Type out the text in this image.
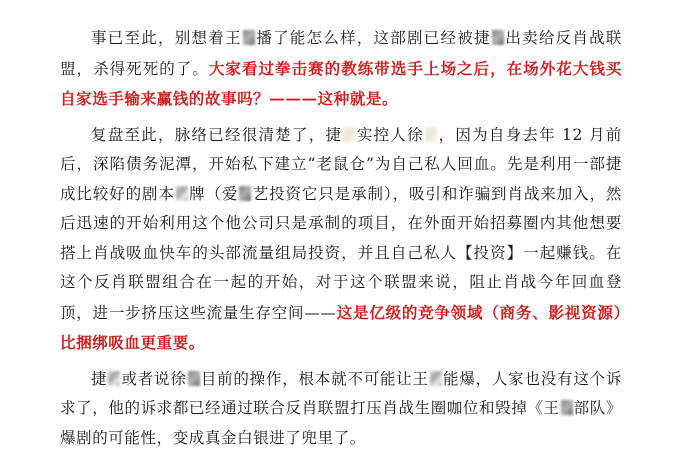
事已至此，别想着王 播了能怎么样，这部剧已经被捷 出卖给反肖战联盟，杀得死死的了。大家看过拳击赛的教练带选手上场之后，在场外花大钱买自家选手输来赢钱的故事吗？———这种就是。

复盘至此，脉络已经很清楚了，捷 实控人徐 ，因为自身去年 12 月前后，深陷债务泥潭，开始私下建立“老鼠仓”为自己私人回血。先是利用一部捷成比较好的剧本 牌（爱 艺投资它只是承制），吸引和诈骗到肖战来加入，然后迅速的开始利用这个他公司只是承制的项目，在外面开始招募圈内其他想要搭上肖战吸血快车的头部流量组局投资，并且自己私人【投资】一起赚钱。在这个反肖联盟组合在一起的开始，对于这个联盟来说，阻止肖战今年回血登顶，进一步挤压这些流量生存空间——这是亿级的竞争领域（商务、影视资源）比捆绑吸血更重要。

捷 或者说徐 目前的操作，根本就不可能让王 能爆，人家也没有这个诉求了，他的诉求都已经通过联合反肖联盟打压肖战生圈咖位和毁掉《王 部队》爆剧的可能性，变成真金白银进了兜里了。
